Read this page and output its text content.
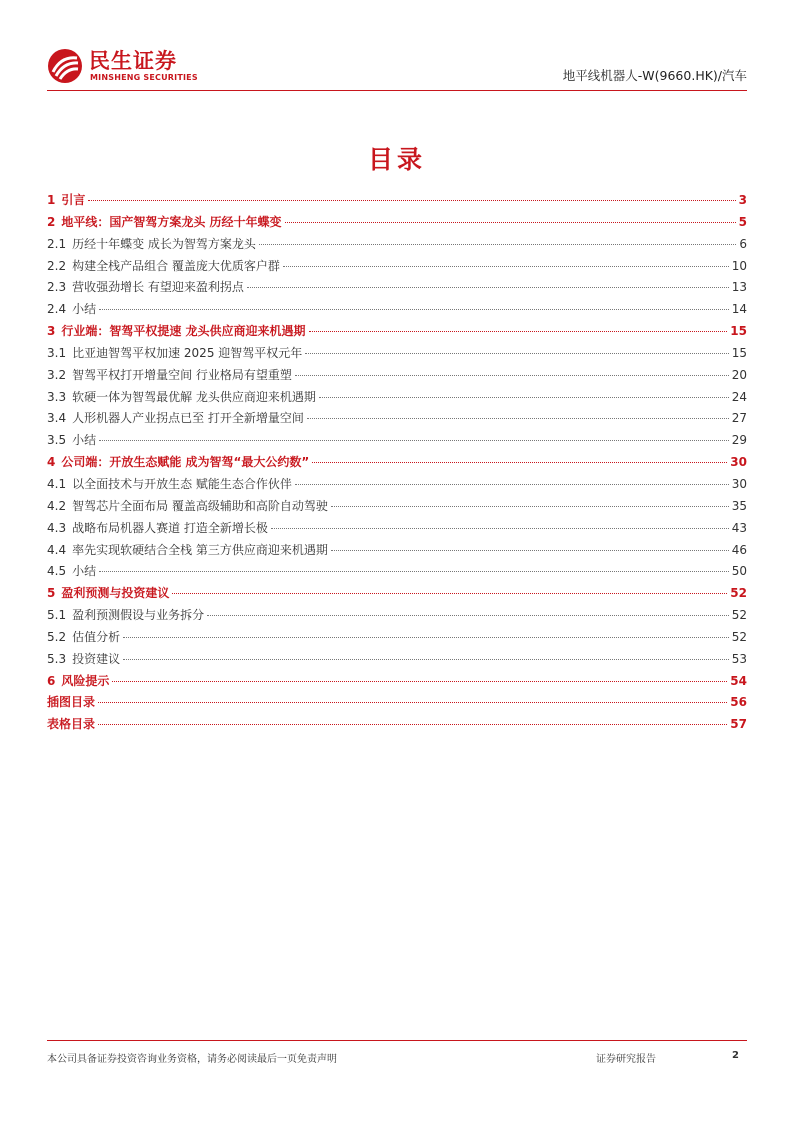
民生证券
MINSHENG SECURITIES	地平线机器人-W(9660.HK)/汽车
目录
1 引言	3
2 地平线：国产智驾方案龙头 历经十年蝶变	5
2.1 历经十年蝶变 成长为智驾方案龙头	6
2.2 构建全栈产品组合 覆盖庞大优质客户群	10
2.3 营收强劲增长 有望迎来盈利拐点	13
2.4 小结	14
3 行业端：智驾平权提速 龙头供应商迎来机遇期	15
3.1 比亚迪智驾平权加速 2025 迎智驾平权元年	15
3.2 智驾平权打开增量空间 行业格局有望重塑	20
3.3 软硬一体为智驾最优解 龙头供应商迎来机遇期	24
3.4 人形机器人产业拐点已至 打开全新增量空间	27
3.5 小结	29
4 公司端：开放生态赋能 成为智驾“最大公约数”	30
4.1 以全面技术与开放生态 赋能生态合作伙伴	30
4.2 智驾芯片全面布局 覆盖高级辅助和高阶自动驾驶	35
4.3 战略布局机器人赛道 打造全新增长极	43
4.4 率先实现软硬结合全栈 第三方供应商迎来机遇期	46
4.5 小结	50
5 盈利预测与投资建议	52
5.1 盈利预测假设与业务拆分	52
5.2 估值分析	52
5.3 投资建议	53
6 风险提示	54
插图目录	56
表格目录	57
本公司具备证券投资咨询业务资格，请务必阅读最后一页免责声明	证券研究报告	2
